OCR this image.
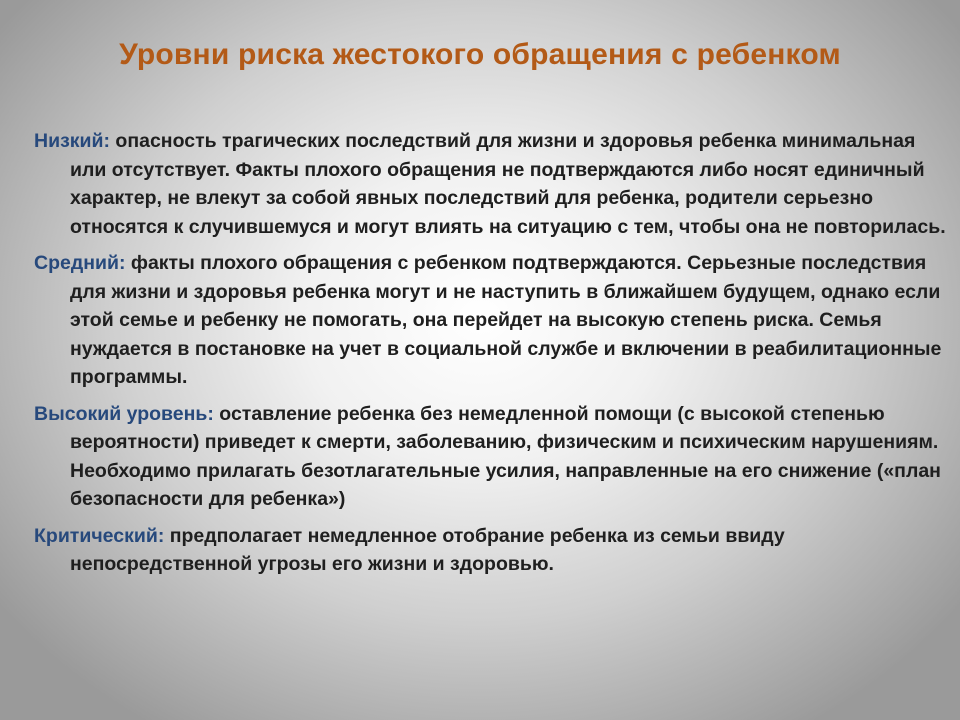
Уровни риска жестокого обращения с ребенком
Низкий: опасность трагических последствий для жизни и здоровья ребенка минимальная или отсутствует. Факты плохого обращения не подтверждаются либо носят единичный характер, не влекут за собой явных последствий для ребенка, родители серьезно относятся к случившемуся и могут влиять на ситуацию с тем, чтобы она не повторилась.
Средний: факты плохого обращения с ребенком подтверждаются. Серьезные последствия для жизни и здоровья ребенка могут и не наступить в ближайшем будущем, однако если этой семье и ребенку не помогать, она перейдет на высокую степень риска. Семья нуждается в постановке на учет в социальной службе и включении в реабилитационные программы.
Высокий уровень: оставление ребенка без немедленной помощи (с высокой степенью вероятности) приведет к смерти, заболеванию, физическим и психическим нарушениям. Необходимо прилагать безотлагательные усилия, направленные на его снижение («план безопасности для ребенка»)
Критический: предполагает немедленное отобрание ребенка из семьи ввиду непосредственной угрозы его жизни и здоровью.
